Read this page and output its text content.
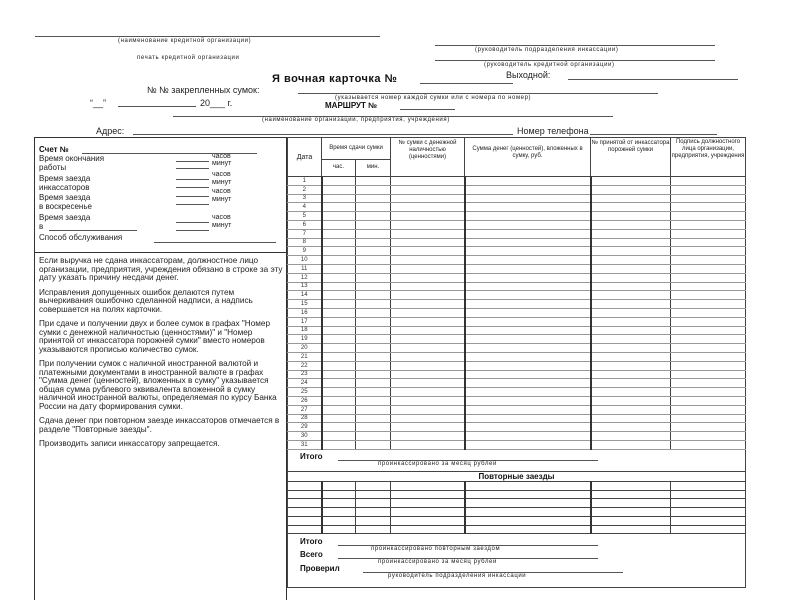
(наименование кредитной организации)
печать кредитной организации
(руководитель подразделения инкассации)
(руководитель кредитной организации)
Я вочная карточка №	Выходной:
№ № закрепленных сумок:
(указывается номер каждой сумки или с номера по номер)
“__”	20___ г.	МАРШРУТ №
(наименование организации, предприятия, учреждения)
Адрес:	Номер телефона
Счет №
Время окончания
работы
часов
минут
Время заезда
инкассаторов
часов
минут
Время заезда
в воскресенье
часов
минут
Время заезда
в
часов
минут
Способ обслуживания

Если выручка не сдана инкассаторам, должностное лицо организации, предприятия, учреждения обязано в строке за эту дату указать причину несдачи денег.

Исправления допущенных ошибок делаются путем вычеркивания ошибочно сделанной надписи, а надпись совершается на полях карточки.

При сдаче и получении двух и более сумок в графах "Номер сумки с денежной наличностью (ценностями)" и "Номер принятой от инкассатора порожней сумки" вместо номеров указываются прописью количество сумок.

При получении сумок с наличной иностранной валютой и платежными документами в иностранной валюте в графах "Сумма денег (ценностей), вложенных в сумку" указывается общая сумма рублевого эквивалента вложенной в сумку наличной иностранной валюты, определяемая по курсу Банка России на дату формирования сумки.

Сдача денег при повторном заезде инкассаторов отмечается в разделе "Повторные заезды".

Производить записи инкассатору запрещается.

Дата	Время сдачи сумки		№ сумки с денежной наличностью (ценностями)	Сумма денег (ценностей), вложенных в сумку, руб.	№ принятой от инкассатора порожней сумки	Подпись должностного лица организации, предприятия, учреждения
	час.	мин.				
1						
2						
3						
4						
5						
6						
7						
8						
9						
10						
11						
12						
13						
14						
15						
16						
17						
18						
19						
20						
21						
22						
23						
24						
25						
26						
27						
28						
29						
30						
31						

Итого
проинкассировано за месяц рублей						

Повторные заезды						

Итого
проинкассировано повторным заездом
Всего
проинкассировано за месяц рублей
Проверил
руководитель подразделения инкассации
